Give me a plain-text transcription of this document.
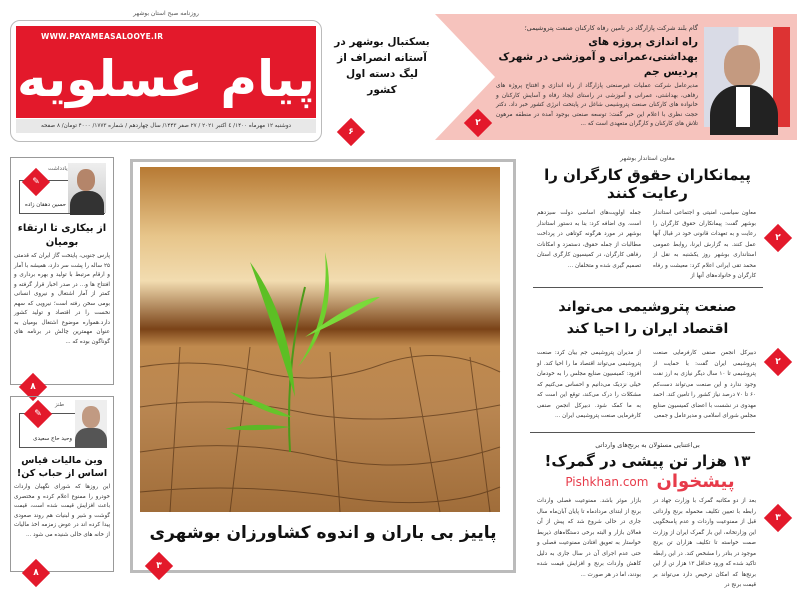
روزنامه صبح استان بوشهر
WWW.PAYAMEASALOOYE.IR
پیام عسلویه
دوشنبه ۱۲ مهرماه ۱۴۰۰/ ٤ اکتبر ۲۰۲۱ / ۲۷ صفر ۱۴۴۳/ سال چهاردهم / شماره ۱۷۷۳/ ۴۰۰۰ تومان/ ۸ صفحه
بسکتبال بوشهر در آستانه انصراف از لیگ دسته اول کشور
۶
گام بلند شرکت پازارگاد در تامین رفاه کارکنان صنعت پتروشیمی؛
راه اندازی پروژه های بهداشتی،عمرانی و آموزشی در شهرک پردیس جم
مدیرعامل شرکت عملیات غیرصنعتی پازارگاد از راه اندازی و افتتاح پروژه های رفاهی، بهداشتی، عمرانی و آموزشی در راستای ایجاد رفاه و آسایش کارکنان و خانواده های کارکنان صنعت پتروشیمی شاغل در پایتخت انرژی کشور خبر داد. دکتر حجت نظری با اعلام این خبر گفت: توسعه صنعتی بوجود آمده در منطقه مرهون تلاش های کارکنان و کارگران متعهدی است که ...
۲
یادداشت
حسین دهقان زاده
✎
از بیکاری تا ارتقاء بومیان
پارس جنوبی، پایتخت گاز ایران که قدمتی ۲۵ ساله را پشت سر دارد، همیشه با آمار و ارقام مرتبط با تولید و بهره برداری و افتتاح ها و... در صدر اخبار قرار گرفته و کمتر از آمار اشتغال و نیروی انسانی بومی سخن رفته است؛ نیرویی که سهم نخست را در اقتصاد و تولید کشور دارد.همواره موضوع اشتغال بومیان به عنوان مهمترین چالش در برنامه های گوناگون بوده که ...
۸
طنز
وحید حاج سعیدی
✎
وین مالیات قیاس اساس از حباب کن!
این روزها که شورای نگهبان واردات خودرو را ممنوع اعلام کرده و مختصری باعث افزایش قیمت شده است، قیمت گوشت و شیر و لبنیات هم روند صعودی پیدا کرده اند در عوض زمزمه اخذ مالیات از خانه های خالی شنیده می شود ...
۸
پاییز بی باران و اندوه کشاورزان بوشهری
۳
معاون استاندار بوشهر
پیمانکاران حقوق کارگران را رعایت کنند
معاون سیاسی، امنیتی و اجتماعی استاندار بوشهر گفت: پیمانکاران حقوق کارگران را رعایت و به تعهدات قانونی خود در قبال آنها عمل کنند. به گزارش ایرنا، روابط عمومی استانداری بوشهر روز یکشنبه به نقل از محمد تقی ایرانی اعلام کرد: معیشت و رفاه کارگران و خانواده‌های آنها از
جمله اولویت‌های اساسی دولت سیزدهم است. وی اضافه کرد: بنا به دستور استاندار بوشهر در مورد هرگونه کوتاهی در پرداخت مطالبات از جمله حقوق، دستمزد و امکانات رفاهی کارگران، در کمیسیون کارگری استان تصمیم گیری شده و متخلفان ...
۲
صنعت پتروشیمی می‌تواند اقتصاد ایران را احیا کند
دبیرکل انجمن صنفی کارفرمایی صنعت پتروشیمی ایران گفت: با حمایت از پتروشیمی تا ۱۰ سال دیگر نیازی به ارز نفت وجود ندارد و این صنعت می‌تواند دست‌کم ۶۰ تا ۷۰ درصد نیاز کشور را تامین کند. احمد مهدوی در نشست با اعضای کمیسیون صنایع مجلس شورای اسلامی و مدیرعامل و جمعی
از مدیران پتروشیمی جم بیان کرد: صنعت پتروشیمی می‌تواند اقتصاد ما را احیا کند. او افزود: کمیسیون صنایع مجلس را به خودمان خیلی نزدیک می‌دانیم و احساس می‌کنیم که مشکلات را درک می‌کند، توقع این است که به ما کمک شود. دبیرکل انجمن صنفی کارفرمایی صنعت پتروشیمی ایران ...
۲
بی‌اعتنایی مسئولان به برنج‌های وارداتی
۱۳ هزار تن پیشی در گمرک!
بعد از دو مکاتبه گمرک با وزارت جهاد در رابطه با تعیین تکلیف محموله برنج وارداتی قبل از ممنوعیت واردات و عدم پاسخگویی این وزارتخانه، این بار گمرک ایران از وزارت صمت خواسته تا تکلیف هزاران تن برنج موجود در بنادر را مشخص کند. در این رابطه تاکید شده که ورود حداقل ۱۳ هزار تن از این برنج‌ها که امکان ترخیص دارد می‌تواند بر قیمت برنج در
بازار موثر باشد. ممنوعیت فصلی واردات برنج از ابتدای مردادماه تا پایان آبان‌ماه سال جاری در حالی شروع شد که پیش از آن فعالان بازار و البته برخی دستگاه‌های ذیربط خواستار به تعویق افتادن ممنوعیت فصلی و حتی عدم اجرای آن در سال جاری به دلیل کاهش واردات برنج و افزایش قیمت شده بودند، اما در هر صورت ...
۳
Pishkhan.com پیشخوان
